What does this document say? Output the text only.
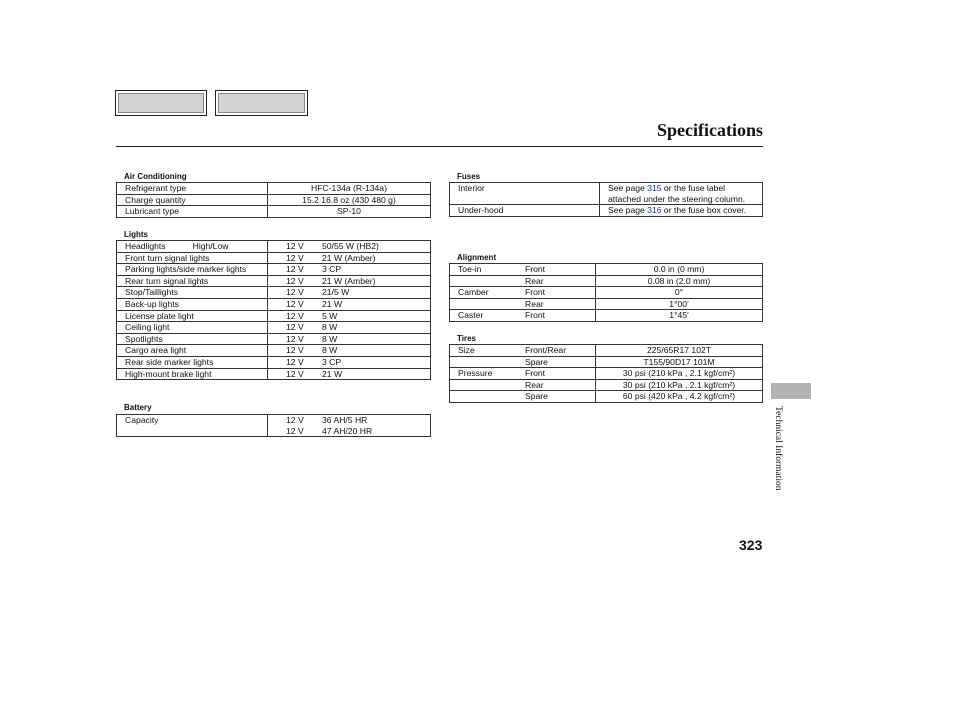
Specifications
Air Conditioning
Refrigerant type	HFC-134a (R-134a)
Charge quantity	15.2 16.8 oz (430 480 g)
Lubricant type	SP-10
Lights
Headlights High/Low	12 V 50/55 W (HB2)
Front turn signal lights	12 V 21 W (Amber)
Parking lights/side marker lights	12 V 3 CP
Rear turn signal lights	12 V 21 W (Amber)
Stop/Taillights	12 V 21/5 W
Back-up lights	12 V 21 W
License plate light	12 V 5 W
Ceiling light	12 V 8 W
Spotlights	12 V 8 W
Cargo area light	12 V 8 W
Rear side marker lights	12 V 3 CP
High-mount brake light	12 V 21 W
Battery
Capacity	12 V 36 AH/5 HR
12 V 47 AH/20 HR
Fuses
Interior	See page 315 or the fuse label attached under the steering column.
Under-hood	See page 316 or the fuse box cover.
Alignment
Toe-in	Front	0.0 in (0 mm)
	Rear	0.08 in (2.0 mm)
Camber	Front	0°
	Rear	1°00′
Caster	Front	1°45′
Tires
Size	Front/Rear	225/65R17 102T
	Spare	T155/90D17 101M
Pressure	Front	30 psi (210 kPa , 2.1 kgf/cm²)
	Rear	30 psi (210 kPa , 2.1 kgf/cm²)
	Spare	60 psi (420 kPa , 4.2 kgf/cm²)
Technical Information
323
